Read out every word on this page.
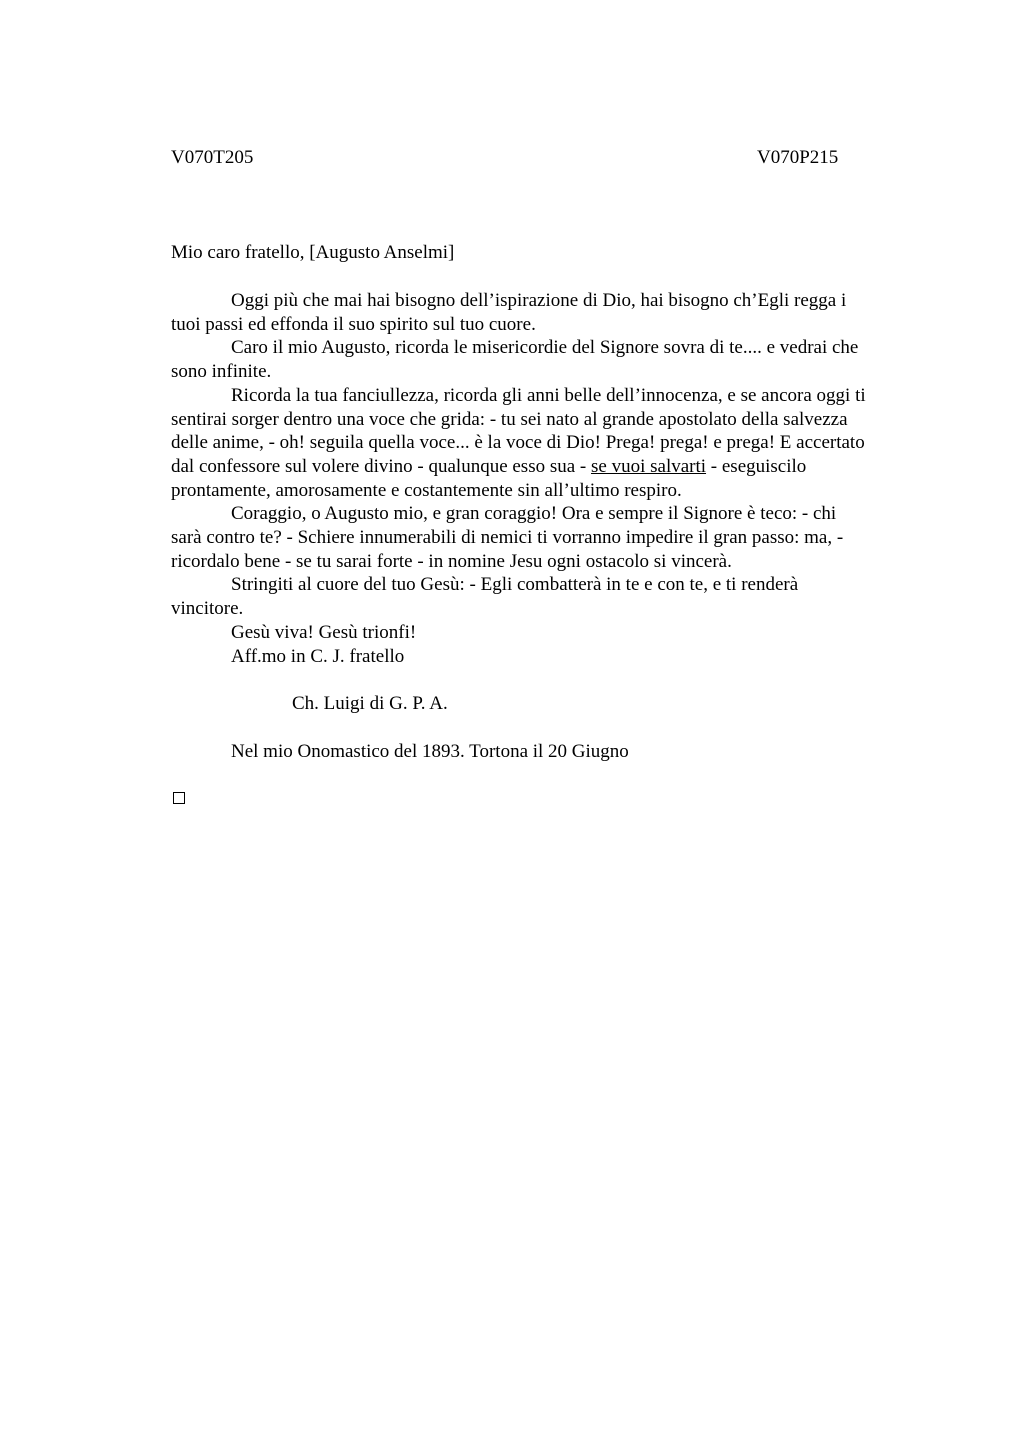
V070T205	V070P215
Mio caro fratello, [Augusto Anselmi]
Oggi più che mai hai bisogno dell’ispirazione di Dio, hai bisogno ch’Egli regga i
tuoi passi ed effonda il suo spirito sul tuo cuore.
Caro il mio Augusto, ricorda le misericordie del Signore sovra di te.... e vedrai che
sono infinite.
Ricorda la tua fanciullezza, ricorda gli anni belle dell’innocenza, e se ancora oggi ti
sentirai sorger dentro una voce che grida: - tu sei nato al grande apostolato della salvezza
delle anime, - oh! seguila quella voce... è la voce di Dio! Prega! prega! e prega! E accertato
dal confessore sul volere divino - qualunque esso sua - se vuoi salvarti - eseguiscilo
prontamente, amorosamente e costantemente sin all’ultimo respiro.
Coraggio, o Augusto mio, e gran coraggio! Ora e sempre il Signore è teco: - chi
sarà contro te? - Schiere innumerabili di nemici ti vorranno impedire il gran passo: ma, -
ricordalo bene - se tu sarai forte - in nomine Jesu ogni ostacolo si vincerà.
Stringiti al cuore del tuo Gesù: - Egli combatterà in te e con te, e ti renderà
vincitore.
Gesù viva! Gesù trionfi!
Aff.mo in C. J. fratello
Ch. Luigi di G. P. A.
Nel mio Onomastico del 1893. Tortona il 20 Giugno
